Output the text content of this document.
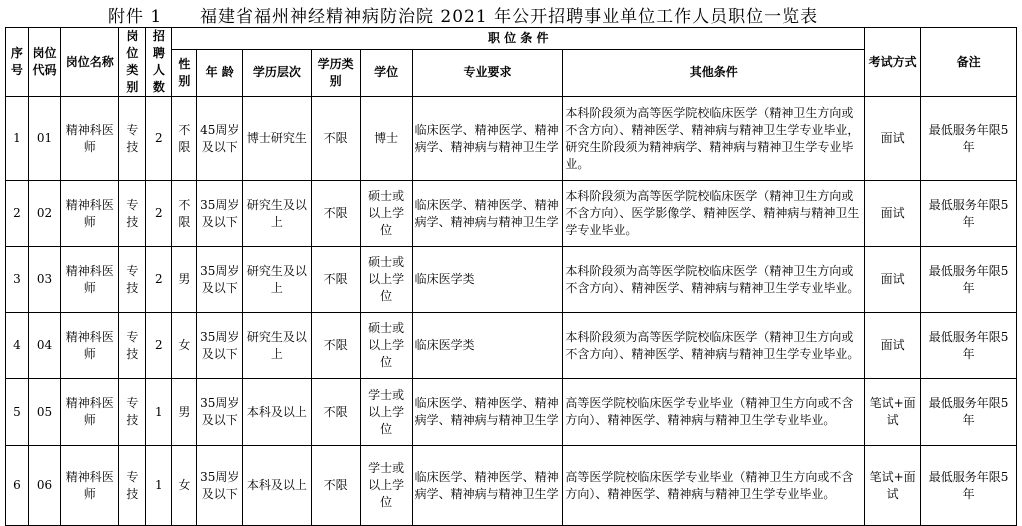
附件 1 福建省福州神经精神病防治院 2021 年公开招聘事业单位工作人员职位一览表
序号	岗位代码	岗位名称	岗位类别	招聘人数	职 位 条 件							考试方式	备注
					性别	年 龄	学历层次	学历类别	学位	专业要求	其他条件		
1	01	精神科医师	专技	2	不限	45周岁及以下	博士研究生	不限	博士	临床医学、精神医学、精神病学、精神病与精神卫生学	本科阶段须为高等医学院校临床医学（精神卫生方向或不含方向）、精神医学、精神病与精神卫生学专业毕业，研究生阶段须为精神病学、精神病与精神卫生学专业毕业。	面试	最低服务年限5年
2	02	精神科医师	专技	2	不限	35周岁及以下	研究生及以上	不限	硕士或以上学位	临床医学、精神医学、精神病学、精神病与精神卫生学	本科阶段须为高等医学院校临床医学（精神卫生方向或不含方向）、医学影像学、精神医学、精神病与精神卫生学专业毕业。	面试	最低服务年限5年
3	03	精神科医师	专技	2	男	35周岁及以下	研究生及以上	不限	硕士或以上学位	临床医学类	本科阶段须为高等医学院校临床医学（精神卫生方向或不含方向）、精神医学、精神病与精神卫生学专业毕业。	面试	最低服务年限5年
4	04	精神科医师	专技	2	女	35周岁及以下	研究生及以上	不限	硕士或以上学位	临床医学类	本科阶段须为高等医学院校临床医学（精神卫生方向或不含方向）、精神医学、精神病与精神卫生学专业毕业。	面试	最低服务年限5年
5	05	精神科医师	专技	1	男	35周岁及以下	本科及以上	不限	学士或以上学位	临床医学、精神医学、精神病学、精神病与精神卫生学	高等医学院校临床医学专业毕业（精神卫生方向或不含方向）、精神医学、精神病与精神卫生学专业毕业。	笔试+面试	最低服务年限5年
6	06	精神科医师	专技	1	女	35周岁及以下	本科及以上	不限	学士或以上学位	临床医学、精神医学、精神病学、精神病与精神卫生学	高等医学院校临床医学专业毕业（精神卫生方向或不含方向）、精神医学、精神病与精神卫生学专业毕业。	笔试+面试	最低服务年限5年
